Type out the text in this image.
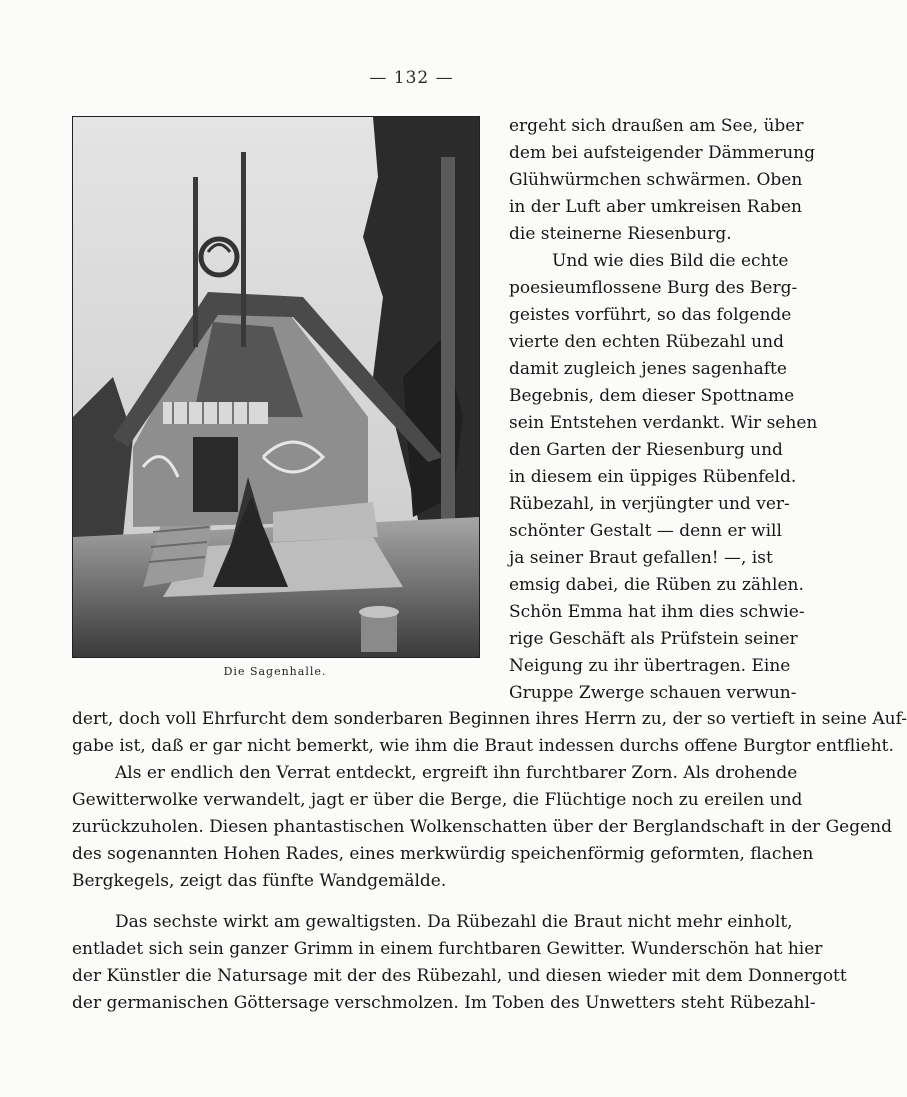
— 132 —
Die Sagenhalle.
ergeht sich draußen am See, über
dem bei aufsteigender Dämmerung
Glühwürmchen schwärmen. Oben
in der Luft aber umkreisen Raben
die steinerne Riesenburg.
Und wie dies Bild die echte
poesieumflossene Burg des Berg-
geistes vorführt, so das folgende
vierte den echten Rübezahl und
damit zugleich jenes sagenhafte
Begebnis, dem dieser Spottname
sein Entstehen verdankt. Wir sehen
den Garten der Riesenburg und
in diesem ein üppiges Rübenfeld.
Rübezahl, in verjüngter und ver-
schönter Gestalt — denn er will
ja seiner Braut gefallen! —, ist
emsig dabei, die Rüben zu zählen.
Schön Emma hat ihm dies schwie-
rige Geschäft als Prüfstein seiner
Neigung zu ihr übertragen. Eine
Gruppe Zwerge schauen verwun-
dert, doch voll Ehrfurcht dem sonderbaren Beginnen ihres Herrn zu, der so vertieft in seine Auf-
gabe ist, daß er gar nicht bemerkt, wie ihm die Braut indessen durchs offene Burgtor entflieht.
Als er endlich den Verrat entdeckt, ergreift ihn furchtbarer Zorn. Als drohende
Gewitterwolke verwandelt, jagt er über die Berge, die Flüchtige noch zu ereilen und
zurückzuholen. Diesen phantastischen Wolkenschatten über der Berglandschaft in der Gegend
des sogenannten Hohen Rades, eines merkwürdig speichenförmig geformten, flachen
Bergkegels, zeigt das fünfte Wandgemälde.
Das sechste wirkt am gewaltigsten. Da Rübezahl die Braut nicht mehr einholt,
entladet sich sein ganzer Grimm in einem furchtbaren Gewitter. Wunderschön hat hier
der Künstler die Natursage mit der des Rübezahl, und diesen wieder mit dem Donnergott
der germanischen Göttersage verschmolzen. Im Toben des Unwetters steht Rübezahl-
